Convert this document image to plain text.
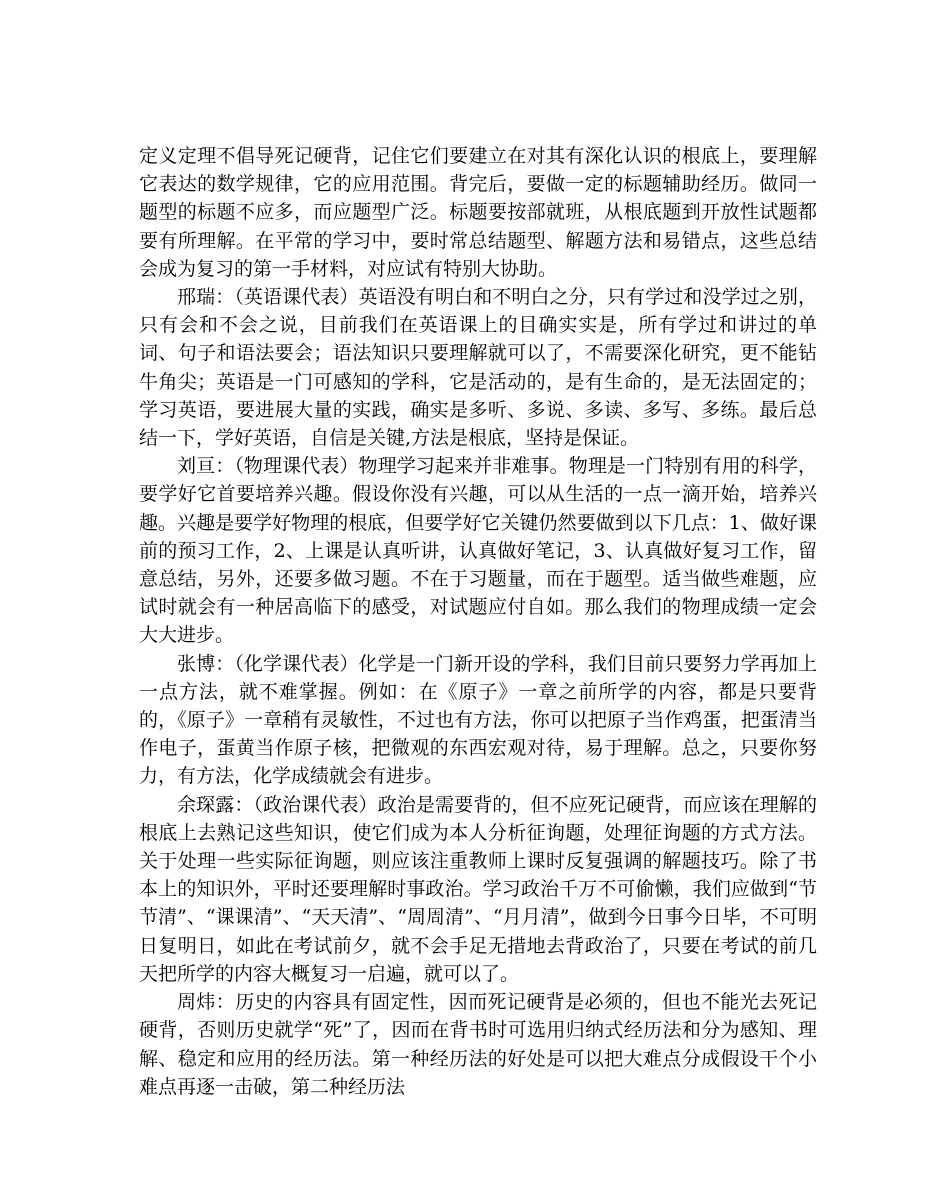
定义定理不倡导死记硬背，记住它们要建立在对其有深化认识的根底上，要理解它表达的数学规律，它的应用范围。背完后，要做一定的标题辅助经历。做同一题型的标题不应多，而应题型广泛。标题要按部就班，从根底题到开放性试题都要有所理解。在平常的学习中，要时常总结题型、解题方法和易错点，这些总结会成为复习的第一手材料，对应试有特别大协助。

邢瑞：（英语课代表）英语没有明白和不明白之分，只有学过和没学过之别，只有会和不会之说，目前我们在英语课上的目确实实是，所有学过和讲过的单词、句子和语法要会；语法知识只要理解就可以了，不需要深化研究，更不能钻牛角尖；英语是一门可感知的学科，它是活动的，是有生命的，是无法固定的；学习英语，要进展大量的实践，确实是多听、多说、多读、多写、多练。最后总结一下，学好英语，自信是关键,方法是根底，坚持是保证。

刘亘：（物理课代表）物理学习起来并非难事。物理是一门特别有用的科学，要学好它首要培养兴趣。假设你没有兴趣，可以从生活的一点一滴开始，培养兴趣。兴趣是要学好物理的根底，但要学好它关键仍然要做到以下几点：1、做好课前的预习工作，2、上课是认真听讲，认真做好笔记，3、认真做好复习工作，留意总结，另外，还要多做习题。不在于习题量，而在于题型。适当做些难题，应试时就会有一种居高临下的感受，对试题应付自如。那么我们的物理成绩一定会大大进步。

张博：（化学课代表）化学是一门新开设的学科，我们目前只要努力学再加上一点方法，就不难掌握。例如：在《原子》一章之前所学的内容，都是只要背的，《原子》一章稍有灵敏性，不过也有方法，你可以把原子当作鸡蛋，把蛋清当作电子，蛋黄当作原子核，把微观的东西宏观对待，易于理解。总之，只要你努力，有方法，化学成绩就会有进步。

余琛露：（政治课代表）政治是需要背的，但不应死记硬背，而应该在理解的根底上去熟记这些知识，使它们成为本人分析征询题，处理征询题的方式方法。关于处理一些实际征询题，则应该注重教师上课时反复强调的解题技巧。除了书本上的知识外，平时还要理解时事政治。学习政治千万不可偷懒，我们应做到“节节清”、“课课清”、“天天清”、“周周清”、“月月清”，做到今日事今日毕，不可明日复明日，如此在考试前夕，就不会手足无措地去背政治了，只要在考试的前几天把所学的内容大概复习一启遍，就可以了。

周炜：历史的内容具有固定性，因而死记硬背是必须的，但也不能光去死记硬背，否则历史就学“死”了，因而在背书时可选用归纳式经历法和分为感知、理解、稳定和应用的经历法。第一种经历法的好处是可以把大难点分成假设干个小难点再逐一击破，第二种经历法
